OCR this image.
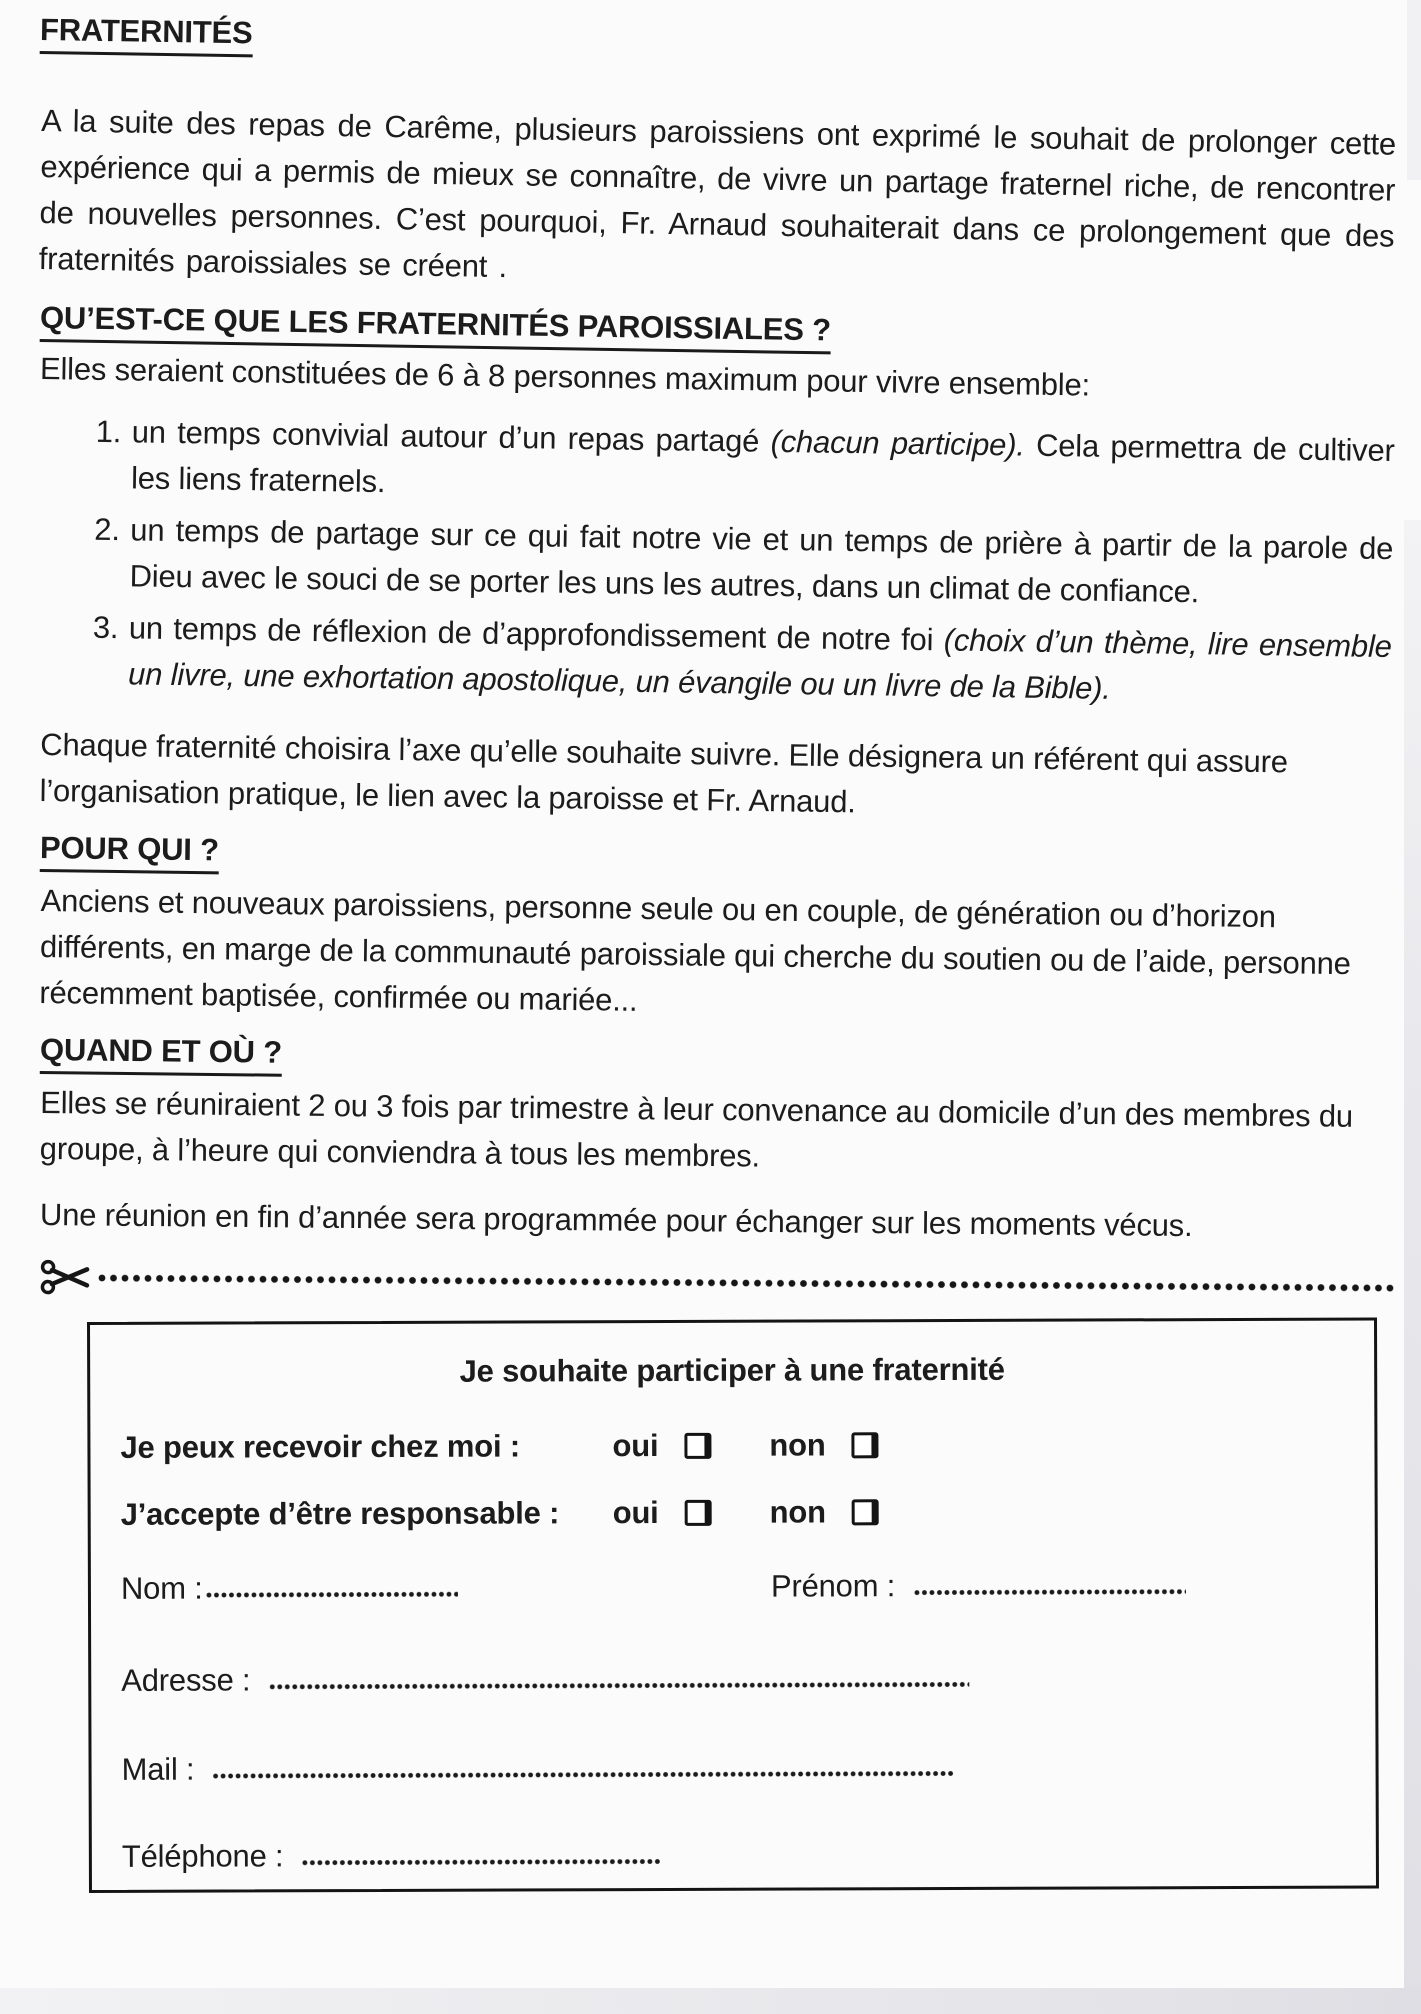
FRATERNITÉS

A la suite des repas de Carême, plusieurs paroissiens ont exprimé le souhait de prolonger cette expérience qui a permis de mieux se connaître, de vivre un partage fraternel riche, de rencontrer de nouvelles personnes. C’est pourquoi, Fr. Arnaud souhaiterait dans ce prolongement que des fraternités paroissiales se créent .

QU’EST-CE QUE LES FRATERNITÉS PAROISSIALES ?

Elles seraient constituées de 6 à 8 personnes maximum pour vivre ensemble:

1. un temps convivial autour d’un repas partagé (chacun participe). Cela permettra de cultiver les liens fraternels.
2. un temps de partage sur ce qui fait notre vie et un temps de prière à partir de la parole de Dieu avec le souci de se porter les uns les autres, dans un climat de confiance.
3. un temps de réflexion de d’approfondissement de notre foi (choix d’un thème, lire ensemble un livre, une exhortation apostolique, un évangile ou un livre de la Bible).

Chaque fraternité choisira l’axe qu’elle souhaite suivre. Elle désignera un référent qui assure l’organisation pratique, le lien avec la paroisse et Fr. Arnaud.

POUR QUI ?

Anciens et nouveaux paroissiens, personne seule ou en couple, de génération ou d’horizon différents, en marge de la communauté paroissiale qui cherche du soutien ou de l’aide, personne récemment baptisée, confirmée ou mariée...

QUAND ET OÙ ?

Elles se réuniraient 2 ou 3 fois par trimestre à leur convenance au domicile d’un des membres du groupe, à l’heure qui conviendra à tous les membres.

Une réunion en fin d’année sera programmée pour échanger sur les moments vécus.

Je souhaite participer à une fraternité
Je peux recevoir chez moi :	oui	non
J’accepte d’être responsable :	oui	non
Nom :	Prénom :
Adresse :
Mail :
Téléphone :
